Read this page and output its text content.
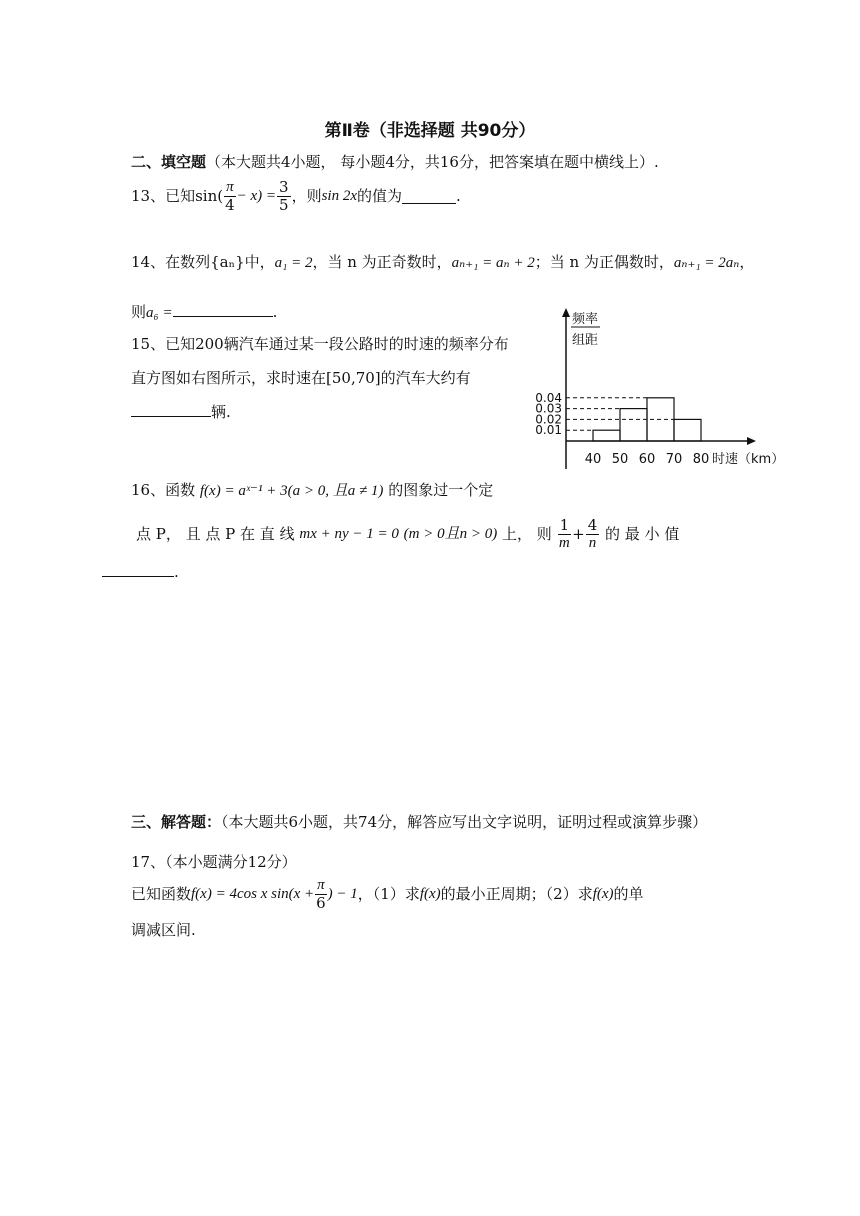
第Ⅱ卷（非选择题 共90分）
二、填空题（本大题共4小题， 每小题4分，共16分，把答案填在题中横线上）.
13、已知 $\sin( \frac{\pi}{4} - x) = \frac{3}{5}$ ，则 sin 2x 的值为	.
14、在数列{aₙ}中，a₁ = 2，当 n 为正奇数时，aₙ₊₁ = aₙ + 2；当 n 为正偶数时，aₙ₊₁ = 2aₙ，
则a₆ =	.
15、已知200辆汽车通过某一段公路时的时速的频率分布
直方图如右图所示，求时速在[50,70]的汽车大约有
辆.
频率
组距
0.01
0.02
0.03
0.04
40 50 60 70 80 时速（km）
16、函数 f(x) = aˣ⁻¹ + 3(a > 0, 且a ≠ 1) 的图象过一个定
点 P， 且 点 P 在 直 线
mx + ny − 1 = 0
(m > 0且n > 0)
上， 则
$\frac{1}{m} + \frac{4}{n}$
的 最 小 值
.
三、解答题：（本大题共6小题，共74分，解答应写出文字说明，证明过程或演算步骤）
17、（本小题满分12分）
已知函数 f(x) = 4cos x $\sin(x + \frac{\pi}{6}$ ) − 1 ，（1）求 f(x) 的最小正周期；（2）求 f(x) 的单
调减区间.
